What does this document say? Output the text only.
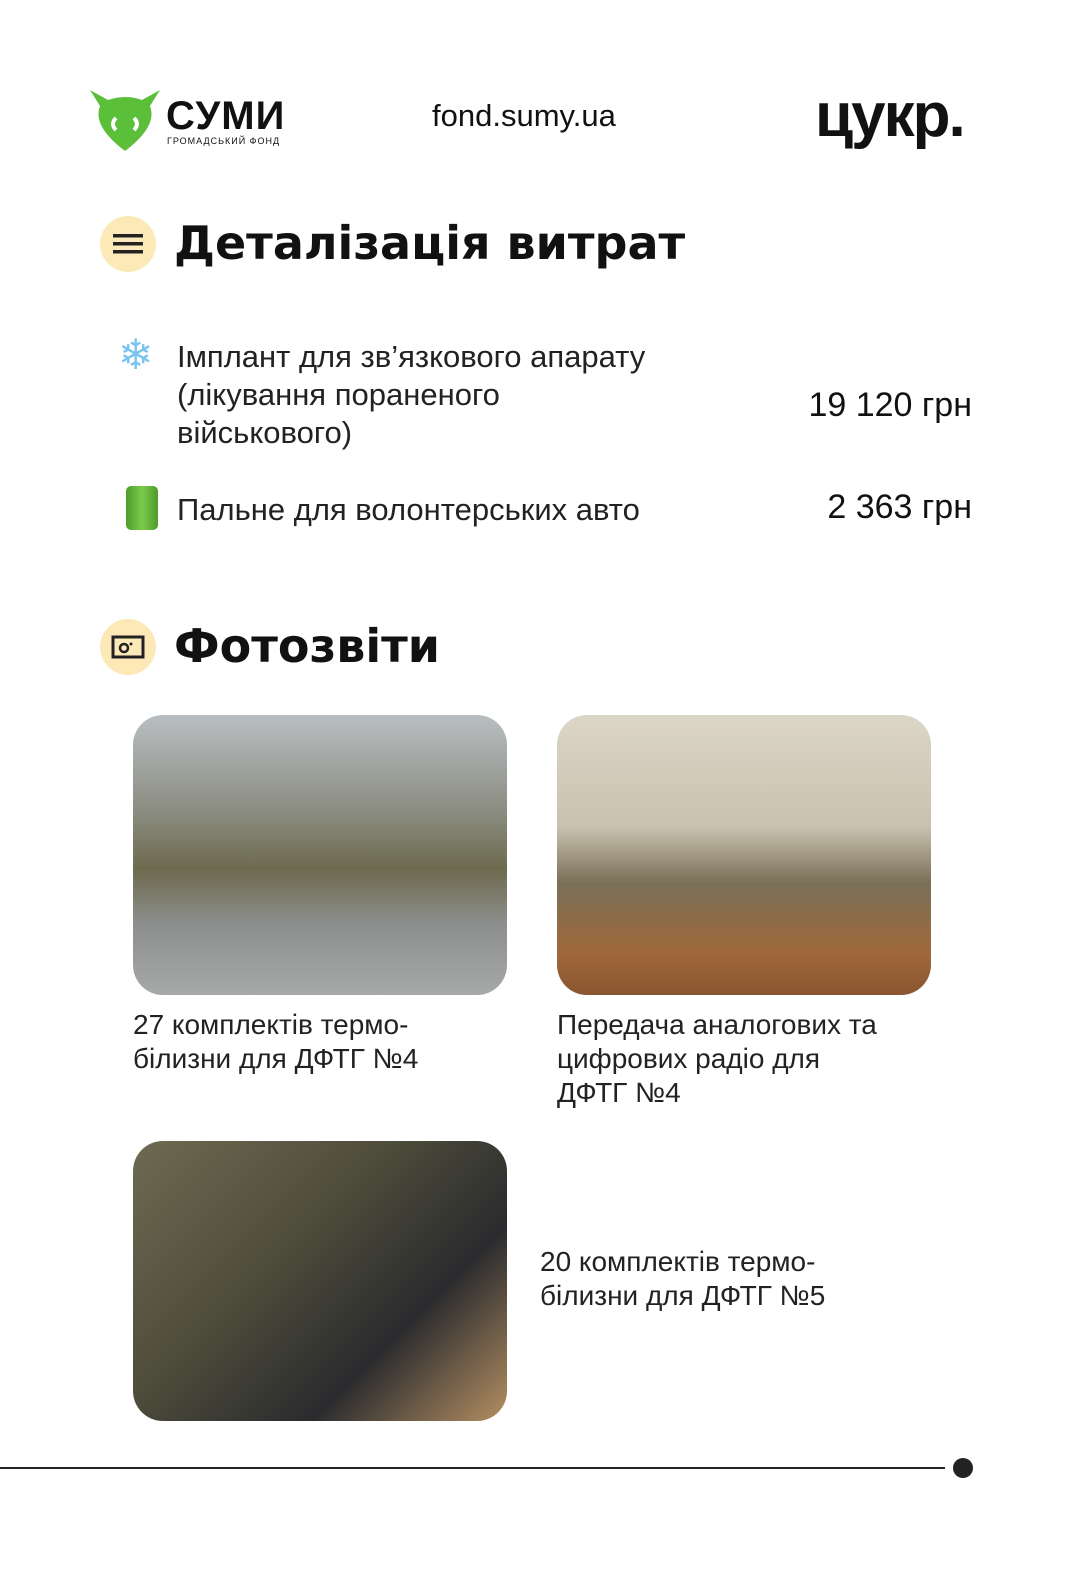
СУМИ
ГРОМАДСЬКИЙ ФОНД
fond.sumy.ua	цукр.
Деталізація витрат
❄ Імплант для зв’язкового апарату
(лікування пораненого
військового)
19 120 грн
Пальне для волонтерських авто	2 363 грн
Фотозвіти
27 комплектів термо-
білизни для ДФТГ №4
Передача аналогових та
цифрових радіо для
ДФТГ №4
20 комплектів термо-
білизни для ДФТГ №5
